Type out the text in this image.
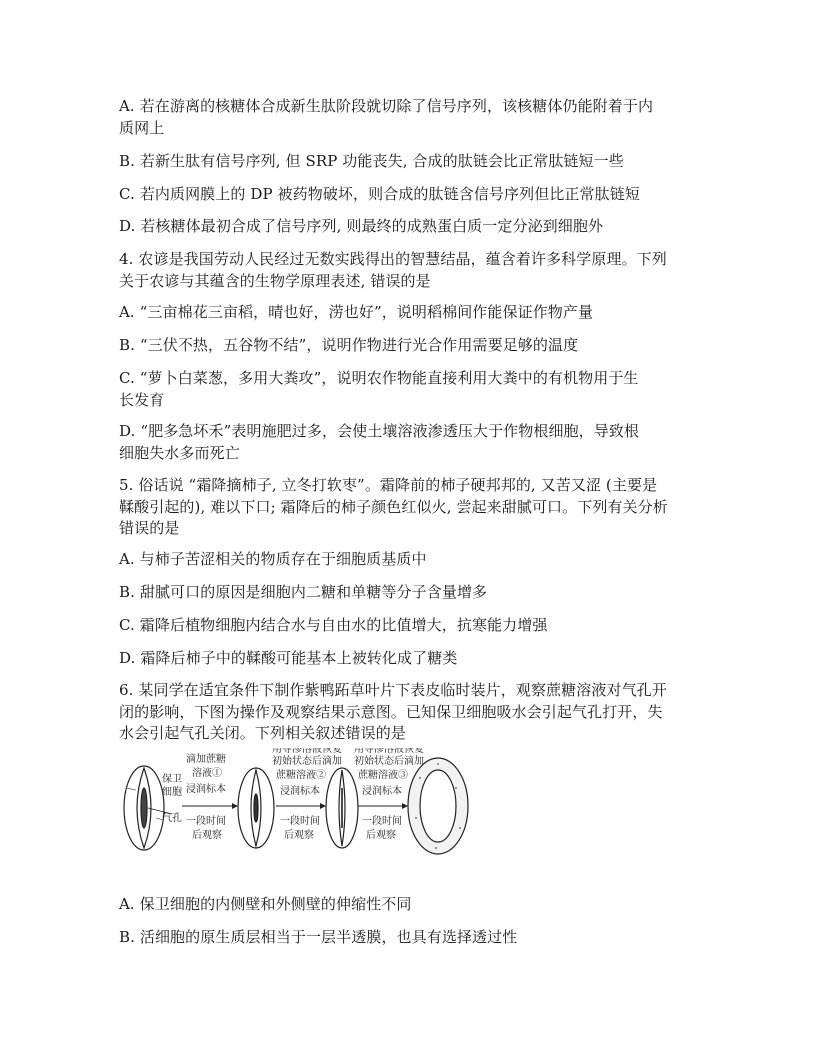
A. 若在游离的核糖体合成新生肽阶段就切除了信号序列，该核糖体仍能附着于内
质网上
B. 若新生肽有信号序列, 但 SRP 功能丧失, 合成的肽链会比正常肽链短一些
C. 若内质网膜上的 DP 被药物破坏，则合成的肽链含信号序列但比正常肽链短
D. 若核糖体最初合成了信号序列, 则最终的成熟蛋白质一定分泌到细胞外
4. 农谚是我国劳动人民经过无数实践得出的智慧结晶，蕴含着许多科学原理。下列
关于农谚与其蕴含的生物学原理表述, 错误的是
A. “三亩棉花三亩稻，晴也好，涝也好”，说明稻棉间作能保证作物产量
B. “三伏不热，五谷物不结”，说明作物进行光合作用需要足够的温度
C. “萝卜白菜葱，多用大粪攻”，说明农作物能直接利用大粪中的有机物用于生
长发育
D. “肥多急坏禾”表明施肥过多，会使土壤溶液渗透压大于作物根细胞，导致根
细胞失水多而死亡
5. 俗话说 “霜降摘柿子, 立冬打软枣”。霜降前的柿子硬邦邦的, 又苦又涩 (主要是
鞣酸引起的), 难以下口; 霜降后的柿子颜色红似火, 尝起来甜腻可口。下列有关分析
错误的是
A. 与柿子苦涩相关的物质存在于细胞质基质中
B. 甜腻可口的原因是细胞内二糖和单糖等分子含量增多
C. 霜降后植物细胞内结合水与自由水的比值增大，抗寒能力增强
D. 霜降后柿子中的鞣酸可能基本上被转化成了糖类
6. 某同学在适宜条件下制作紫鸭跖草叶片下表皮临时装片，观察蔗糖溶液对气孔开
闭的影响，下图为操作及观察结果示意图。已知保卫细胞吸水会引起气孔打开，失
水会引起气孔关闭。下列相关叙述错误的是
A. 保卫细胞的内侧壁和外侧壁的伸缩性不同
B. 活细胞的原生质层相当于一层半透膜，也具有选择透过性
保卫
细胞
气孔
滴加蔗糖
溶液①
浸润标本
一段时间
后观察
用等渗溶液恢复
初始状态后滴加
蔗糖溶液②
浸润标本
一段时间
后观察
用等渗溶液恢复
初始状态后滴加
蔗糖溶液③
浸润标本
一段时间
后观察
